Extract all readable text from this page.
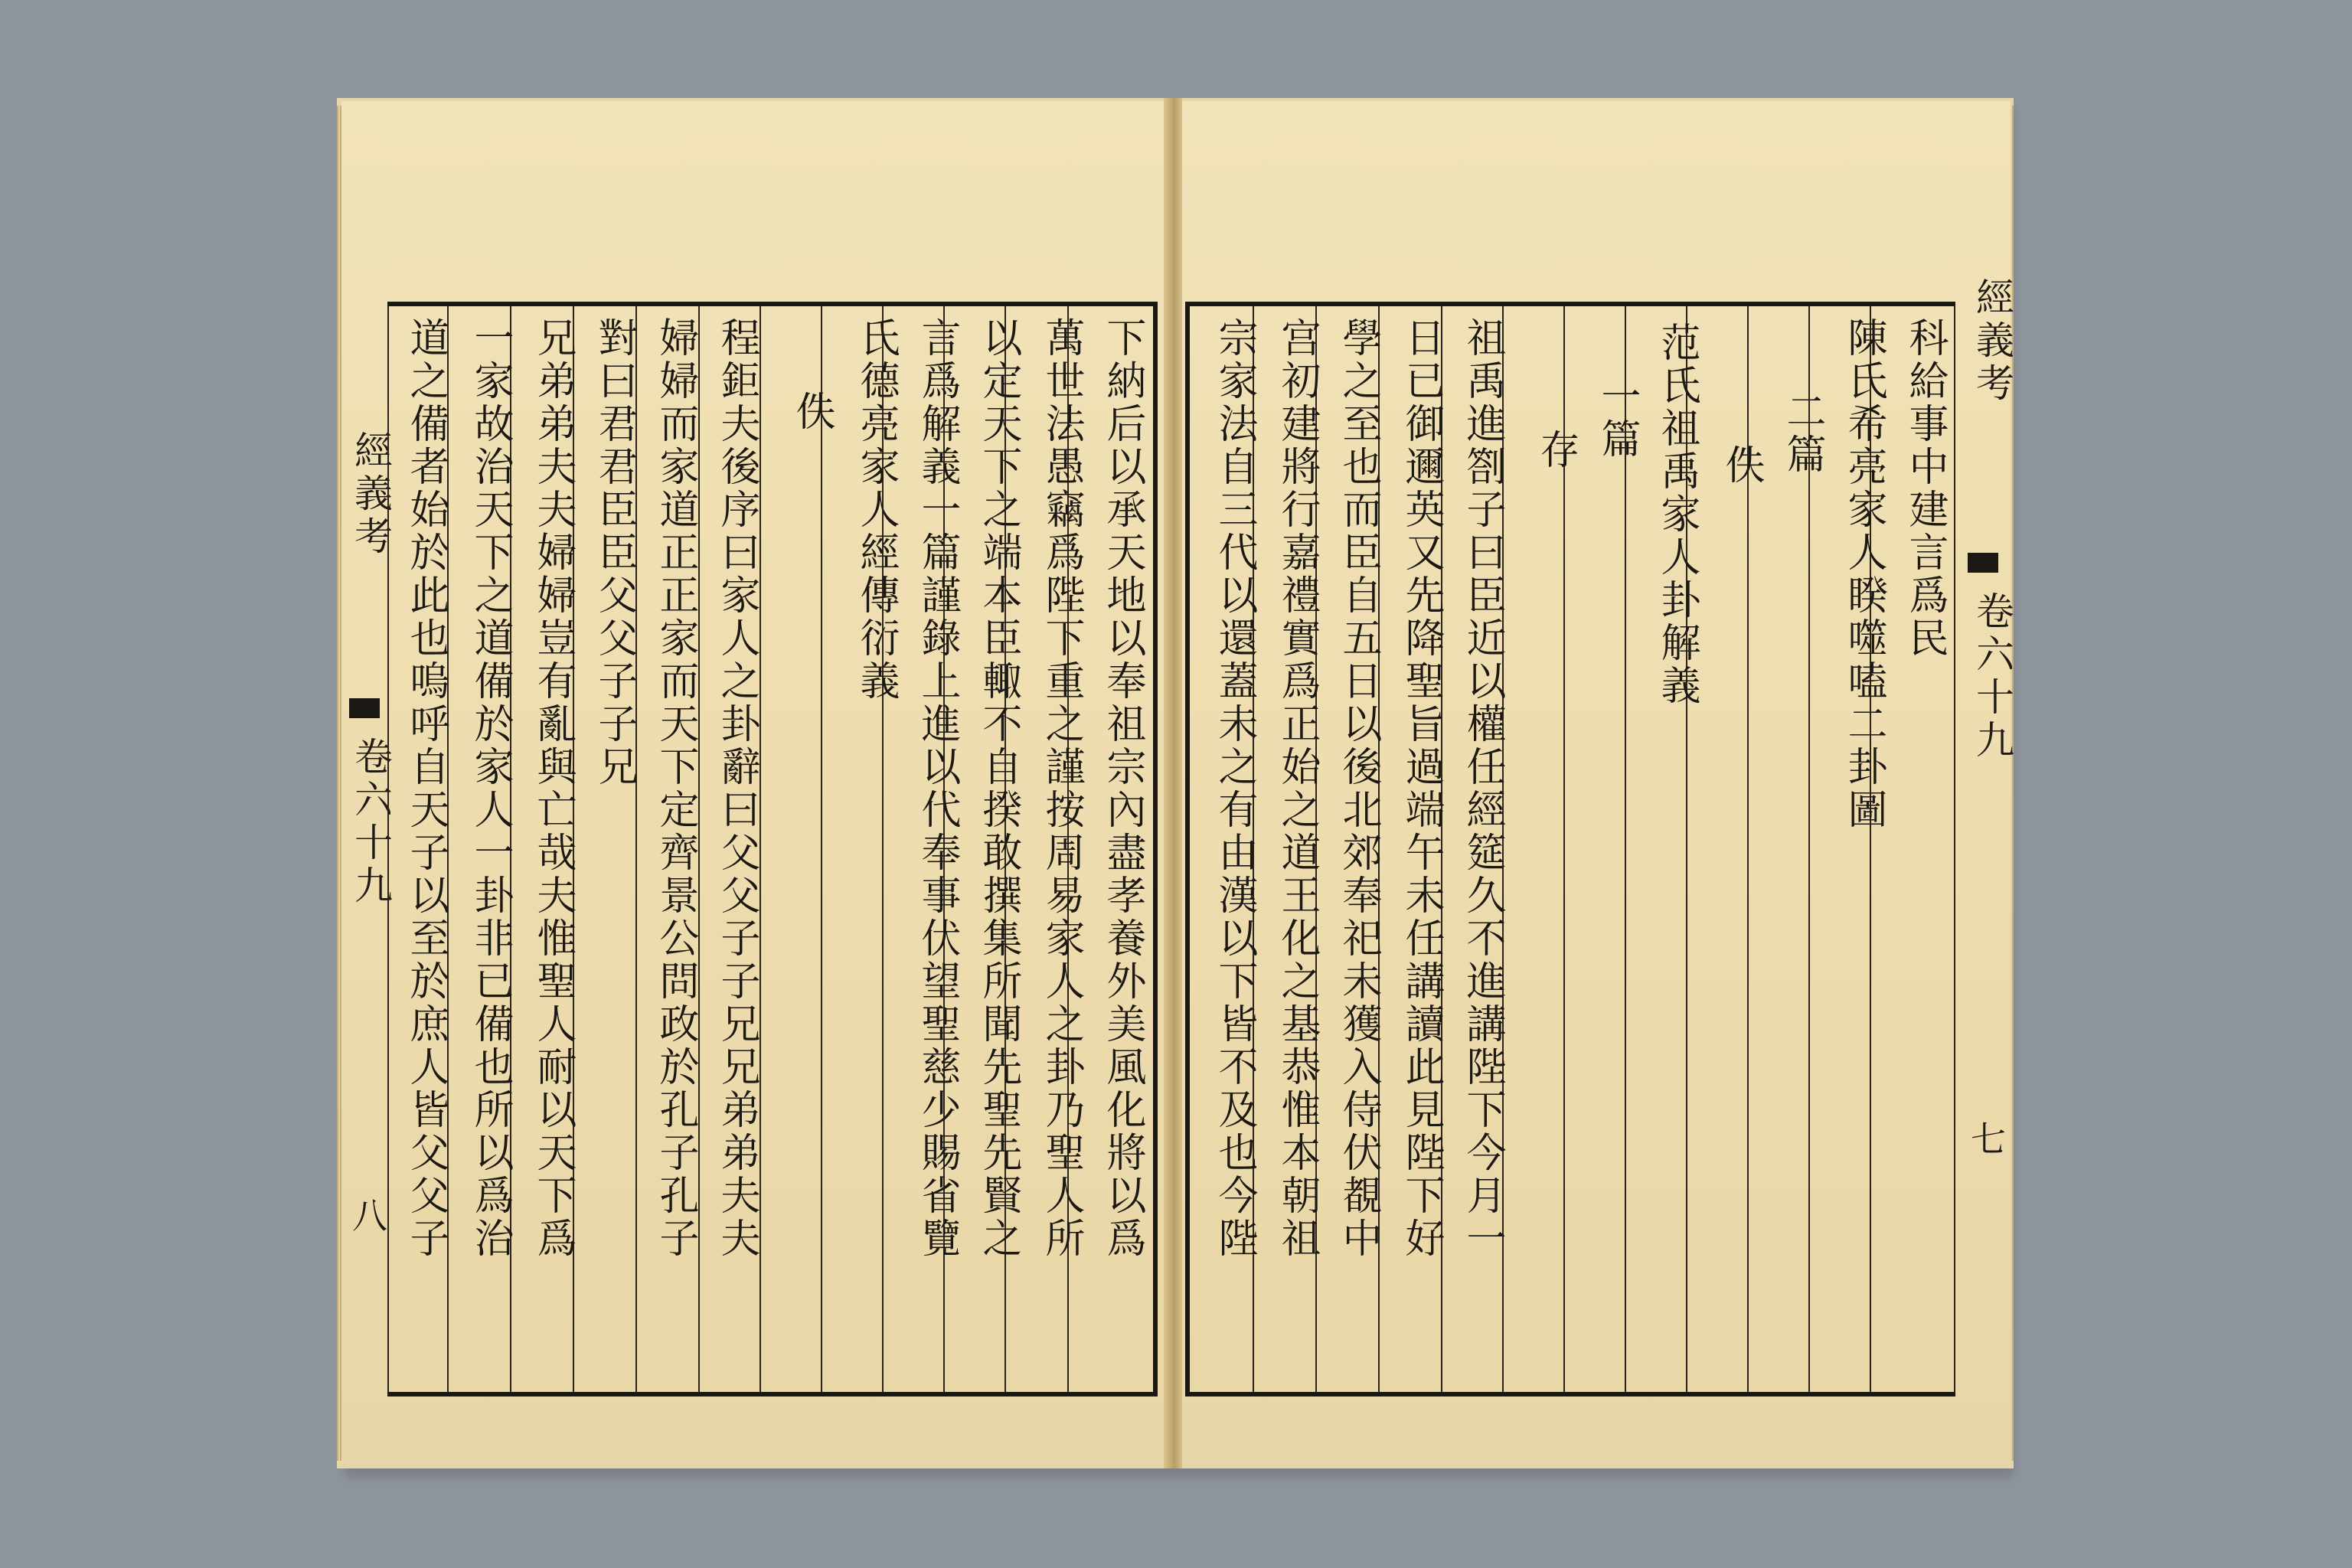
經義考
卷六十九
八	下納后以承天地以奉祖宗內盡孝養外美風化將以爲
萬世法愚竊爲陛下重之謹按周易家人之卦乃聖人所
以定天下之端本臣輙不自揆敢撰集所聞先聖先賢之
言爲解義一篇謹錄上進以代奉事伏望聖慈少賜省覽
氏德亮家人經傳衍義
佚
程鉅夫後序曰家人之卦辭曰父父子子兄兄弟弟夫夫
婦婦而家道正正家而天下定齊景公問政於孔子孔子
對曰君君臣臣父父子子兄
兄弟弟夫夫婦婦豈有亂與亡哉夫惟聖人耐以天下爲
一家故治天下之道備於家人一卦非已備也所以爲治
道之備者始於此也嗚呼自天子以至於庶人皆父父子	科給事中建言爲民
陳氏希亮家人睽噬嗑二卦圖
二篇
佚
范氏祖禹家人卦解義
一篇
存
祖禹進劄子曰臣近以權任經筵久不進講陛下今月一
日已御邇英又先降聖旨過端午未任講讀此見陛下好
學之至也而臣自五日以後北郊奉祀未獲入侍伏覩中
宫初建將行嘉禮實爲正始之道王化之基恭惟本朝祖
宗家法自三代以還蓋未之有由漢以下皆不及也今陛	經義考
卷六十九
七
